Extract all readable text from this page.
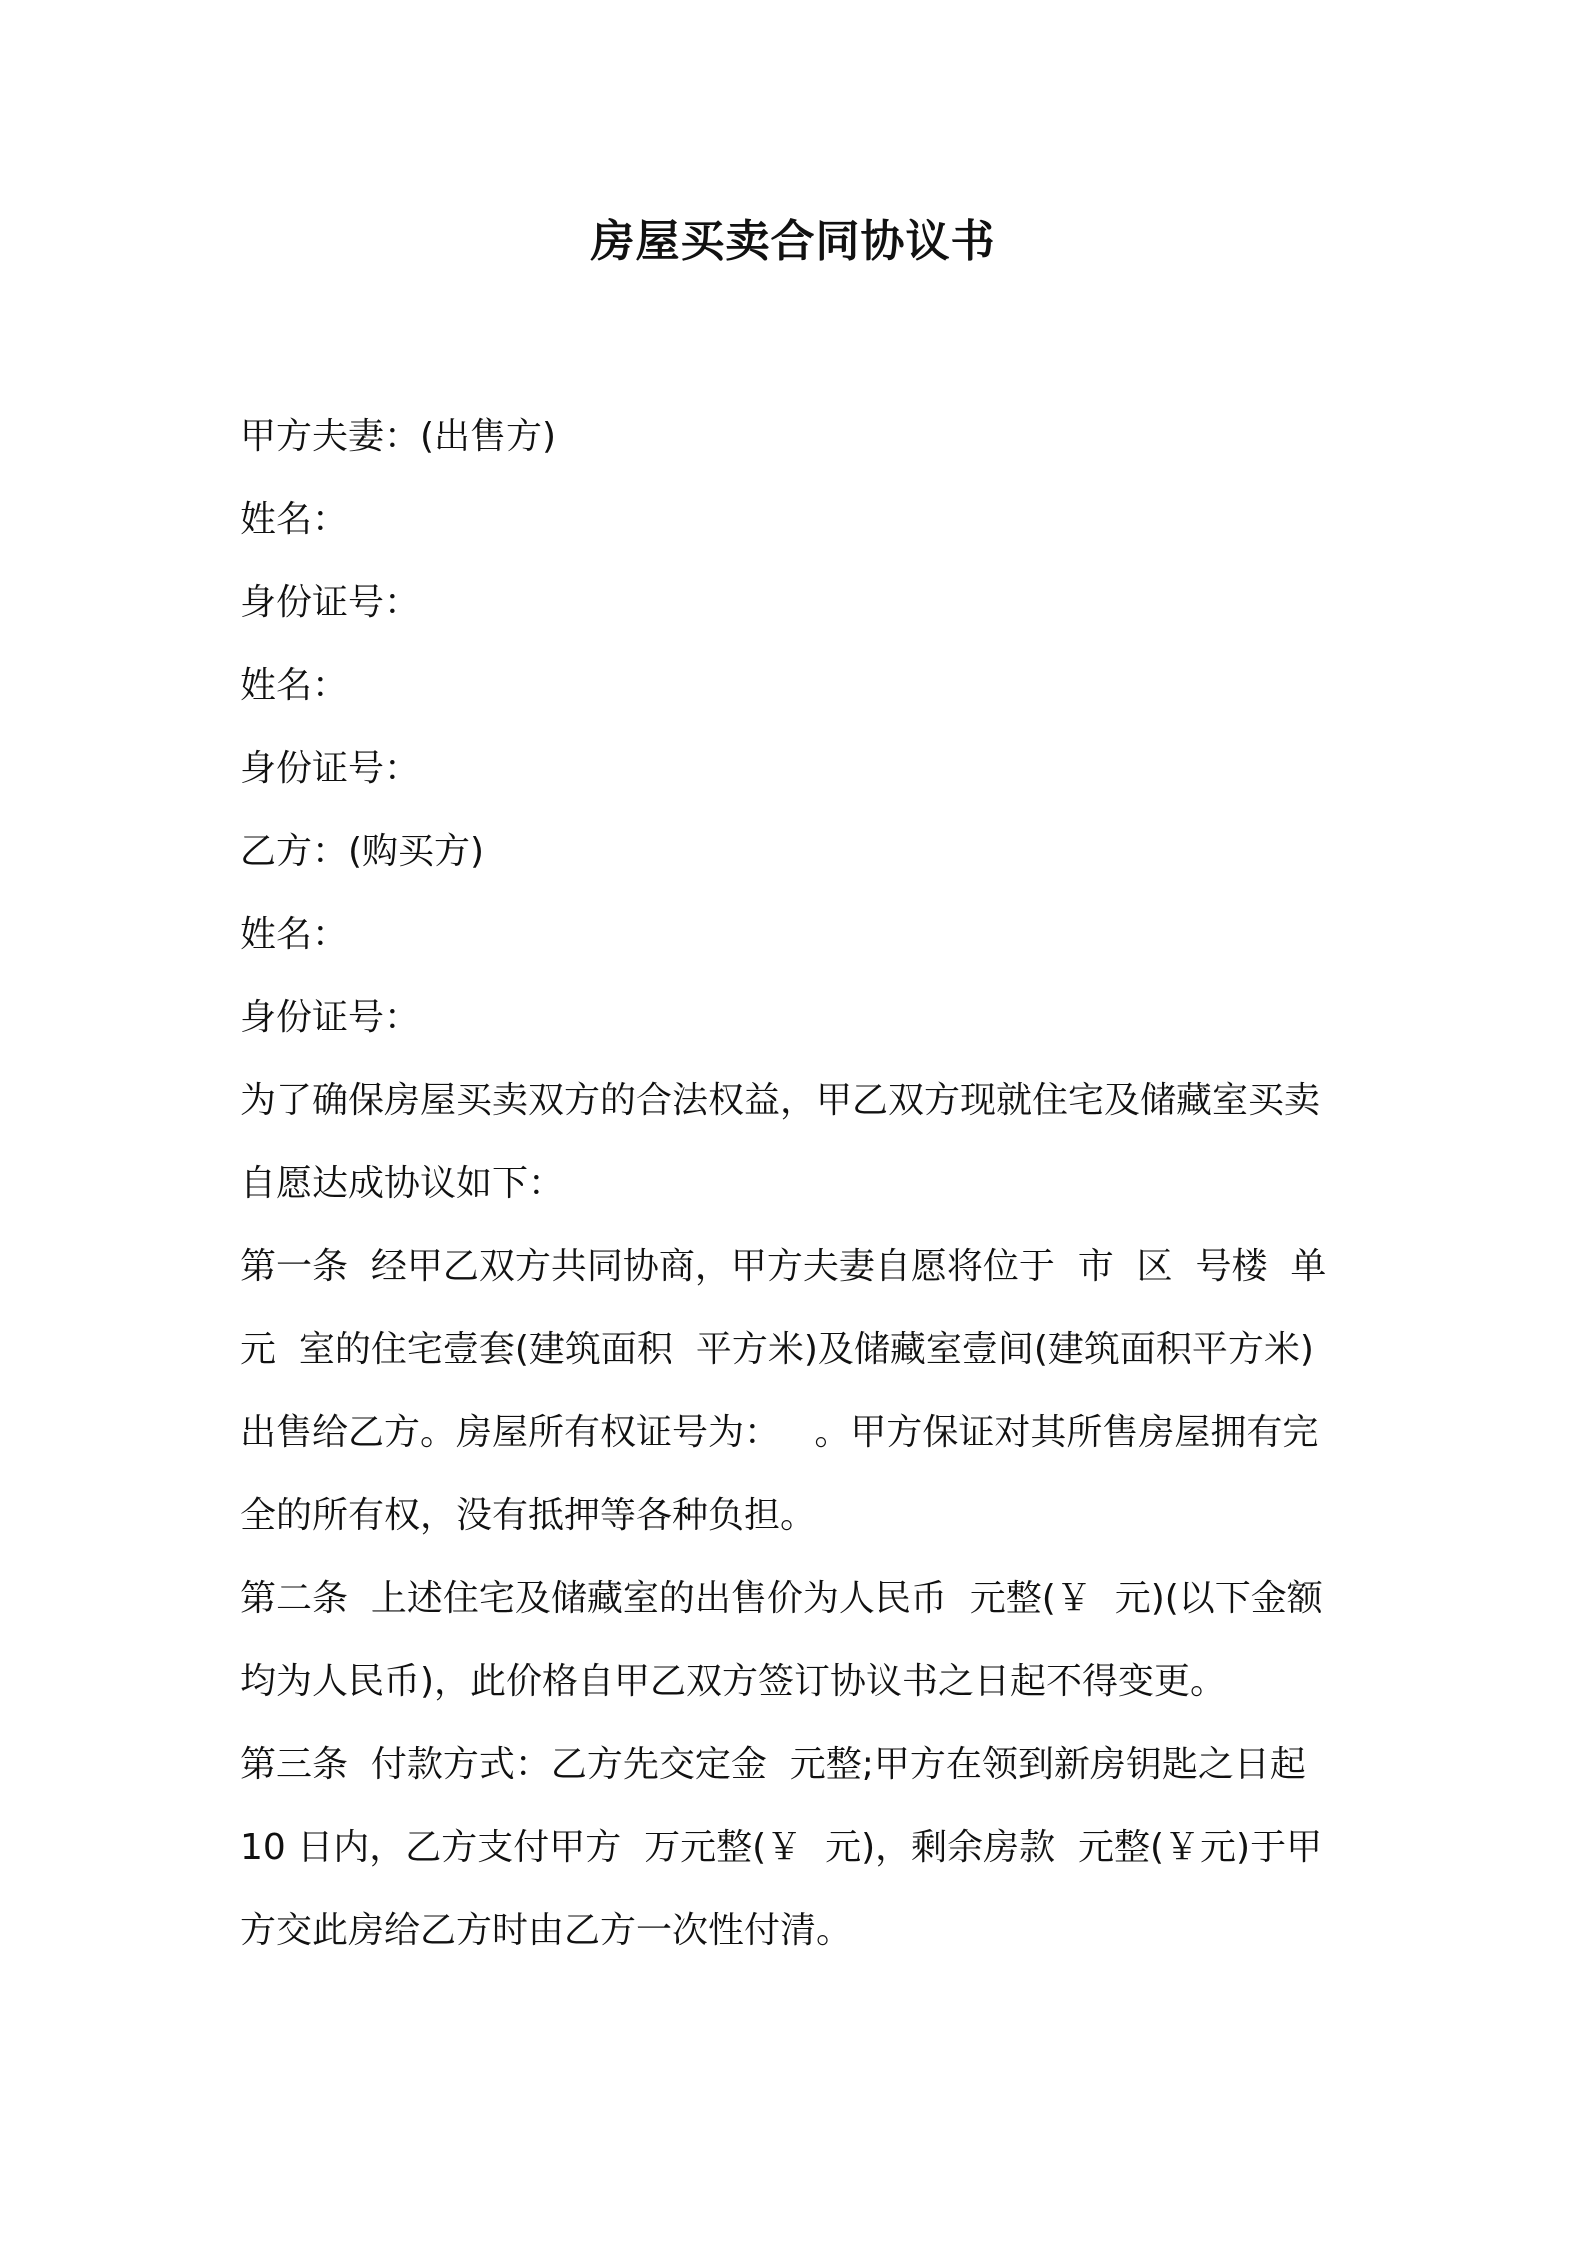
房屋买卖合同协议书
甲方夫妻：(出售方)
姓名：
身份证号：
姓名：
身份证号：
乙方：(购买方)
姓名：
身份证号：
为了确保房屋买卖双方的合法权益，甲乙双方现就住宅及储藏室买卖
自愿达成协议如下：
第一条  经甲乙双方共同协商，甲方夫妻自愿将位于  市  区  号楼  单
元  室的住宅壹套(建筑面积  平方米)及储藏室壹间(建筑面积平方米)
出售给乙方。房屋所有权证号为：   。甲方保证对其所售房屋拥有完
全的所有权，没有抵押等各种负担。
第二条  上述住宅及储藏室的出售价为人民币  元整(￥  元)(以下金额
均为人民币)，此价格自甲乙双方签订协议书之日起不得变更。
第三条  付款方式：乙方先交定金  元整;甲方在领到新房钥匙之日起
10 日内，乙方支付甲方  万元整(￥  元)，剩余房款  元整(￥元)于甲
方交此房给乙方时由乙方一次性付清。
